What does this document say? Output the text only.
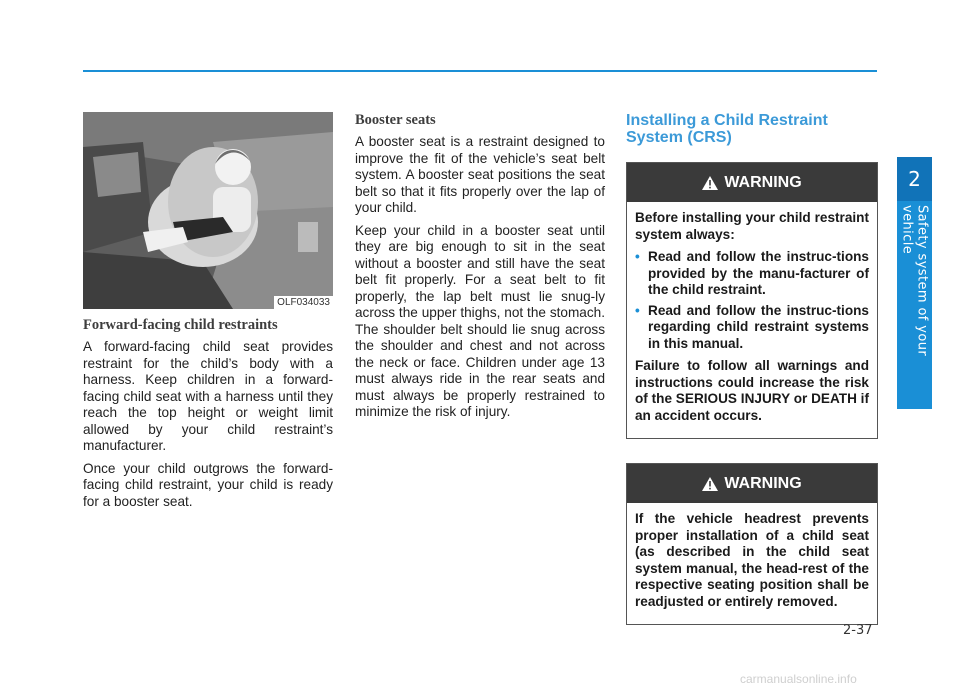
2
Safety system of your vehicle
OLF034033
Forward-facing child restraints

A forward-facing child seat provides restraint for the child’s body with a harness. Keep children in a forward-facing child seat with a harness until they reach the top height or weight limit allowed by your child restraint’s manufacturer.

Once your child outgrows the forward-facing child restraint, your child is ready for a booster seat.

Booster seats

A booster seat is a restraint designed to improve the fit of the vehicle’s seat belt system. A booster seat positions the seat belt so that it fits properly over the lap of your child.

Keep your child in a booster seat until they are big enough to sit in the seat without a booster and still have the seat belt fit properly. For a seat belt to fit properly, the lap belt must lie snug-ly across the upper thighs, not the stomach. The shoulder belt should lie snug across the shoulder and chest and not across the neck or face. Children under age 13 must always ride in the rear seats and must always be properly restrained to minimize the risk of injury.

Installing a Child Restraint System (CRS)
WARNING

Before installing your child restraint system always:

• Read and follow the instruc-tions provided by the manu-facturer of the child restraint.
• Read and follow the instruc-tions regarding child restraint systems in this manual.

Failure to follow all warnings and instructions could increase the risk of the SERIOUS INJURY or DEATH if an accident occurs.

WARNING

If the vehicle headrest prevents proper installation of a child seat (as described in the child seat system manual, the head-rest of the respective seating position shall be readjusted or entirely removed.

2-37
carmanualsonline.info
